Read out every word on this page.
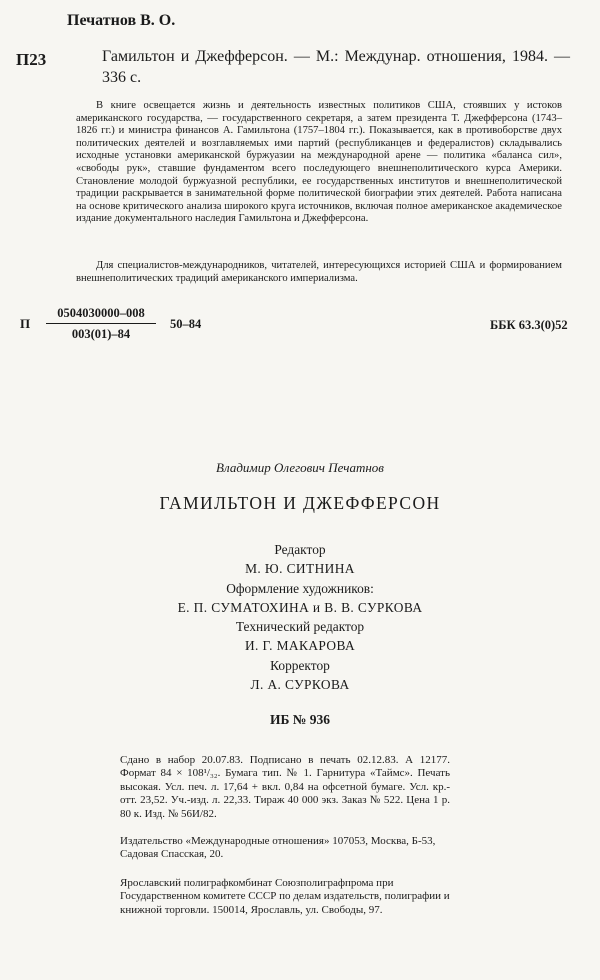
Печатнов В. О.
П23	Гамильтон и Джефферсон. — М.: Междунар. отношения, 1984. — 336 с.

В книге освещается жизнь и деятельность известных политиков США, стоявших у истоков американского государства, — государственного секретаря, а затем президента Т. Джефферсона (1743–1826 гг.) и министра финансов А. Гамильтона (1757–1804 гг.). Показывается, как в противоборстве двух политических деятелей и возглавляемых ими партий (республиканцев и федералистов) складывались исходные установки американской буржуазии на международной арене — политика «баланса сил», «свободы рук», ставшие фундаментом всего последующего внешнеполитического курса Америки. Становление молодой буржуазной республики, ее государственных институтов и внешнеполитической традиции раскрывается в занимательной форме политической биографии этих деятелей. Работа написана на основе критического анализа широкого круга источников, включая полное американское академическое издание документального наследия Гамильтона и Джефферсона.

Для специалистов-международников, читателей, интересующихся историей США и формированием внешнеполитических традиций американского империализма.
П $\frac{0504030000-008}{003(01)-84} 50-84$	ББК 63.3(0)52
Владимир Олегович Печатнов
ГАМИЛЬТОН И ДЖЕФФЕРСОН
Редактор
М. Ю. СИТНИНА
Оформление художников:
Е. П. СУМАТОХИНА и В. В. СУРКОВА
Технический редактор
И. Г. МАКАРОВА
Корректор
Л. А. СУРКОВА
ИБ № 936
Сдано в набор 20.07.83. Подписано в печать 02.12.83. А 12177. Формат 84 × 108¹/₃₂. Бумага тип. № 1. Гарнитура «Таймс». Печать высокая. Усл. печ. л. 17,64 + вкл. 0,84 на офсетной бумаге. Усл. кр.-отт. 23,52. Уч.-изд. л. 22,33. Тираж 40 000 экз. Заказ № 522. Цена 1 р. 80 к. Изд. № 56И/82.
Издательство «Международные отношения» 107053, Москва, Б-53, Садовая Спасская, 20.
Ярославский полиграфкомбинат Союзполиграфпрома при Государственном комитете СССР по делам издательств, полиграфии и книжной торговли. 150014, Ярославль, ул. Свободы, 97.
